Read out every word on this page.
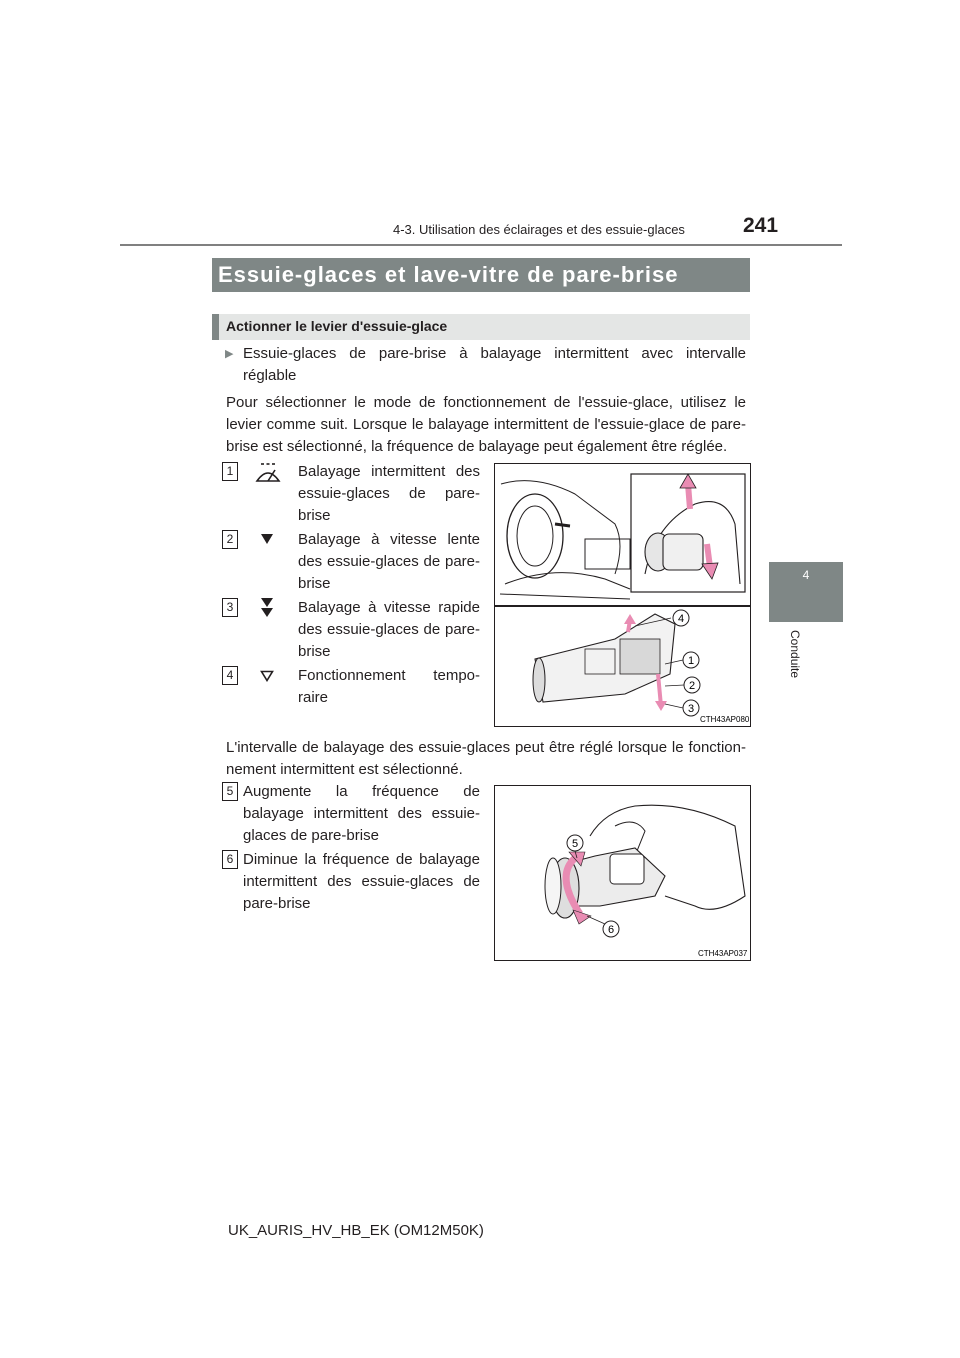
4-3. Utilisation des éclairages et des essuie-glaces	241
4
Conduite
Essuie-glaces et lave-vitre de pare-brise
Actionner le levier d'essuie-glace
▶ Essuie-glaces de pare-brise à balayage intermittent avec intervalle
réglable
Pour sélectionner le mode de fonctionnement de l'essuie-glace, utilisez le
levier comme suit. Lorsque le balayage intermittent de l'essuie-glace de pare-
brise est sélectionné, la fréquence de balayage peut également être réglée.
1	Balayage intermittent des
essuie-glaces de pare-
brise
2	Balayage à vitesse lente
des essuie-glaces de pare-
brise
3	Balayage à vitesse rapide
des essuie-glaces de pare-
brise
4	Fonctionnement tempo-
raire
4
1
2
3
CTH43AP080
L'intervalle de balayage des essuie-glaces peut être réglé lorsque le fonction-
nement intermittent est sélectionné.
5 Augmente la fréquence de
balayage intermittent des essuie-
glaces de pare-brise
6 Diminue la fréquence de balayage
intermittent des essuie-glaces de
pare-brise
5
6
CTH43AP037
UK_AURIS_HV_HB_EK (OM12M50K)
